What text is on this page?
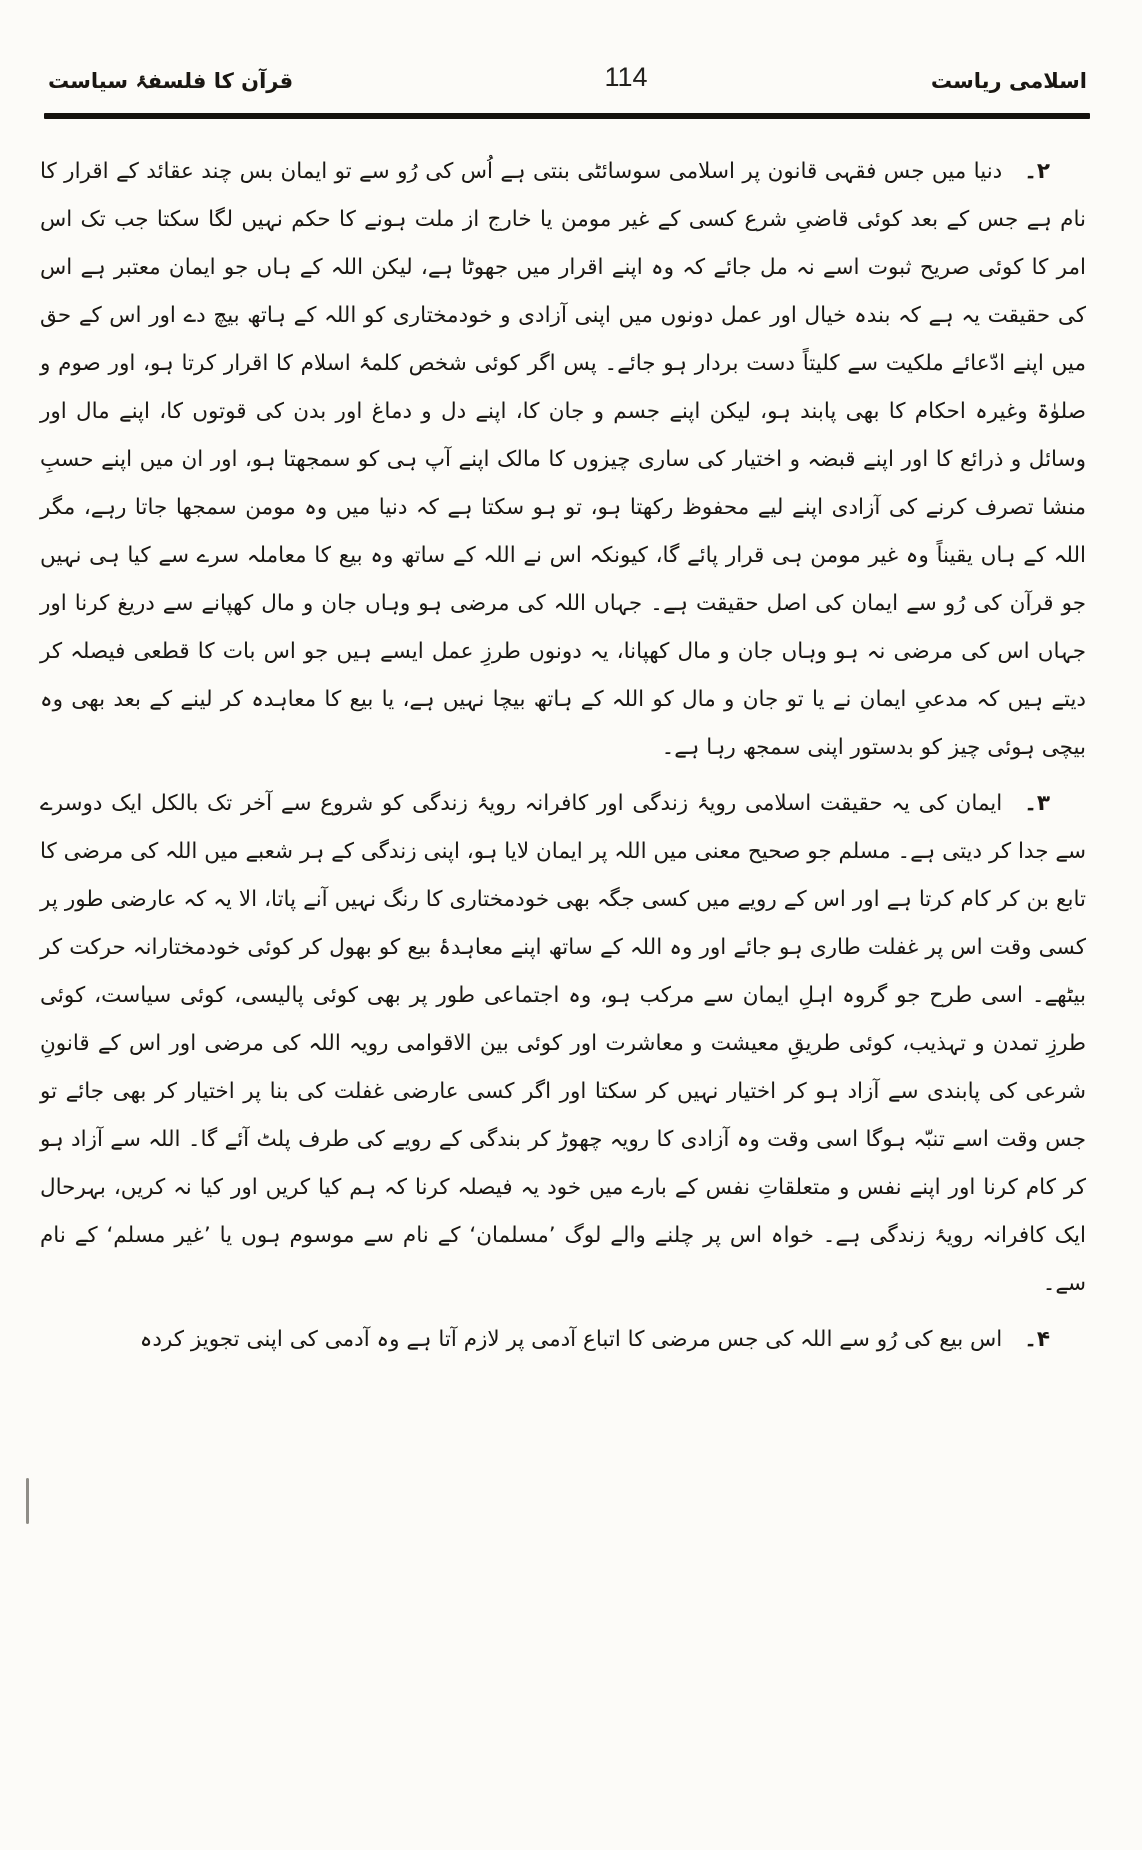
اسلامی ریاست
114
قرآن کا فلسفۂ سیاست

۲۔دنیا میں جس فقہی قانون پر اسلامی سوسائٹی بنتی ہے اُس کی رُو سے تو ایمان بس چند عقائد کے اقرار کا نام ہے جس کے بعد کوئی قاضیِ شرع کسی کے غیر مومن یا خارج از ملت ہونے کا حکم نہیں لگا سکتا جب تک اس امر کا کوئی صریح ثبوت اسے نہ مل جائے کہ وہ اپنے اقرار میں جھوٹا ہے، لیکن اللہ کے ہاں جو ایمان معتبر ہے اس کی حقیقت یہ ہے کہ بندہ خیال اور عمل دونوں میں اپنی آزادی و خودمختاری کو اللہ کے ہاتھ بیچ دے اور اس کے حق میں اپنے ادّعائے ملکیت سے کلیتاً دست بردار ہو جائے۔ پس اگر کوئی شخص کلمۂ اسلام کا اقرار کرتا ہو، اور صوم و صلوٰۃ وغیرہ احکام کا بھی پابند ہو، لیکن اپنے جسم و جان کا، اپنے دل و دماغ اور بدن کی قوتوں کا، اپنے مال اور وسائل و ذرائع کا اور اپنے قبضہ و اختیار کی ساری چیزوں کا مالک اپنے آپ ہی کو سمجھتا ہو، اور ان میں اپنے حسبِ منشا تصرف کرنے کی آزادی اپنے لیے محفوظ رکھتا ہو، تو ہو سکتا ہے کہ دنیا میں وہ مومن سمجھا جاتا رہے، مگر اللہ کے ہاں یقیناً وہ غیر مومن ہی قرار پائے گا، کیونکہ اس نے اللہ کے ساتھ وہ بیع کا معاملہ سرے سے کیا ہی نہیں جو قرآن کی رُو سے ایمان کی اصل حقیقت ہے۔ جہاں اللہ کی مرضی ہو وہاں جان و مال کھپانے سے دریغ کرنا اور جہاں اس کی مرضی نہ ہو وہاں جان و مال کھپانا، یہ دونوں طرزِ عمل ایسے ہیں جو اس بات کا قطعی فیصلہ کر دیتے ہیں کہ مدعیِ ایمان نے یا تو جان و مال کو اللہ کے ہاتھ بیچا نہیں ہے، یا بیع کا معاہدہ کر لینے کے بعد بھی وہ بیچی ہوئی چیز کو بدستور اپنی سمجھ رہا ہے۔

۳۔ایمان کی یہ حقیقت اسلامی رویۂ زندگی اور کافرانہ رویۂ زندگی کو شروع سے آخر تک بالکل ایک دوسرے سے جدا کر دیتی ہے۔ مسلم جو صحیح معنی میں اللہ پر ایمان لایا ہو، اپنی زندگی کے ہر شعبے میں اللہ کی مرضی کا تابع بن کر کام کرتا ہے اور اس کے رویے میں کسی جگہ بھی خودمختاری کا رنگ نہیں آنے پاتا، الا یہ کہ عارضی طور پر کسی وقت اس پر غفلت طاری ہو جائے اور وہ اللہ کے ساتھ اپنے معاہدۂ بیع کو بھول کر کوئی خودمختارانہ حرکت کر بیٹھے۔ اسی طرح جو گروہ اہلِ ایمان سے مرکب ہو، وہ اجتماعی طور پر بھی کوئی پالیسی، کوئی سیاست، کوئی طرزِ تمدن و تہذیب، کوئی طریقِ معیشت و معاشرت اور کوئی بین الاقوامی رویہ اللہ کی مرضی اور اس کے قانونِ شرعی کی پابندی سے آزاد ہو کر اختیار نہیں کر سکتا اور اگر کسی عارضی غفلت کی بنا پر اختیار کر بھی جائے تو جس وقت اسے تنبّہ ہوگا اسی وقت وہ آزادی کا رویہ چھوڑ کر بندگی کے رویے کی طرف پلٹ آئے گا۔ اللہ سے آزاد ہو کر کام کرنا اور اپنے نفس و متعلقاتِ نفس کے بارے میں خود یہ فیصلہ کرنا کہ ہم کیا کریں اور کیا نہ کریں، بہرحال ایک کافرانہ رویۂ زندگی ہے۔ خواہ اس پر چلنے والے لوگ ’مسلمان‘ کے نام سے موسوم ہوں یا ’غیر مسلم‘ کے نام سے۔

۴۔اس بیع کی رُو سے اللہ کی جس مرضی کا اتباع آدمی پر لازم آتا ہے وہ آدمی کی اپنی تجویز کردہ
